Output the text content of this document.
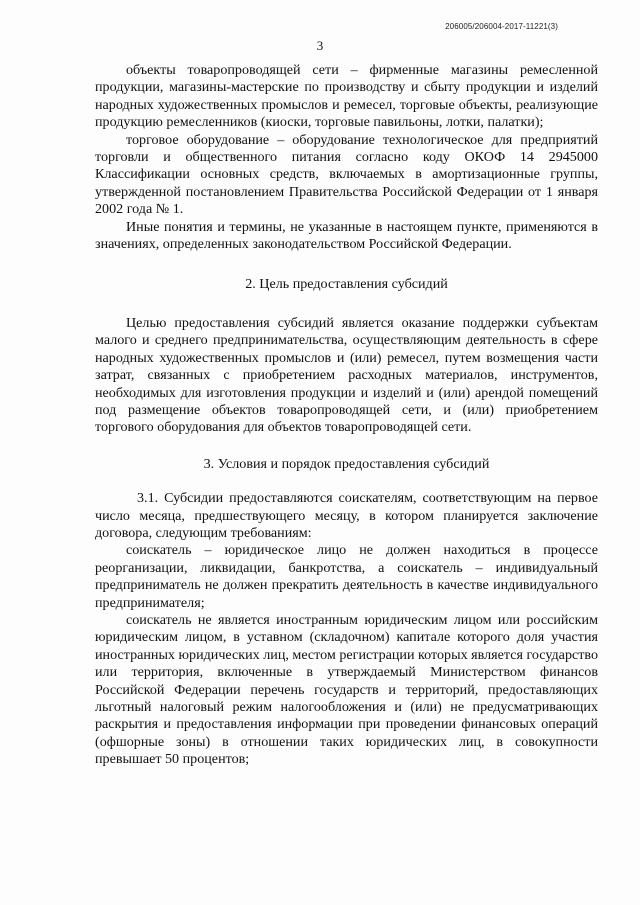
206005/206004-2017-11221(3)
3

объекты товаропроводящей сети – фирменные магазины ремесленной продукции, магазины-мастерские по производству и сбыту продукции и изделий народных художественных промыслов и ремесел, торговые объекты, реализующие продукцию ремесленников (киоски, торговые павильоны, лотки, палатки);

торговое оборудование – оборудование технологическое для предприятий торговли и общественного питания согласно коду ОКОФ 14 2945000 Классификации основных средств, включаемых в амортизационные группы, утвержденной постановлением Правительства Российской Федерации от 1 января 2002 года № 1.

Иные понятия и термины, не указанные в настоящем пункте, применяются в значениях, определенных законодательством Российской Федерации.

2. Цель предоставления субсидий

Целью предоставления субсидий является оказание поддержки субъектам малого и среднего предпринимательства, осуществляющим деятельность в сфере народных художественных промыслов и (или) ремесел, путем возмещения части затрат, связанных с приобретением расходных материалов, инструментов, необходимых для изготовления продукции и изделий и (или) арендой помещений под размещение объектов товаропроводящей сети, и (или) приобретением торгового оборудования для объектов товаропроводящей сети.

3. Условия и порядок предоставления субсидий

3.1. Субсидии предоставляются соискателям, соответствующим на первое число месяца, предшествующего месяцу, в котором планируется заключение договора, следующим требованиям:

соискатель – юридическое лицо не должен находиться в процессе реорганизации, ликвидации, банкротства, а соискатель – индивидуальный предприниматель не должен прекратить деятельность в качестве индивидуального предпринимателя;

соискатель не является иностранным юридическим лицом или российским юридическим лицом, в уставном (складочном) капитале которого доля участия иностранных юридических лиц, местом регистрации которых является государство или территория, включенные в утверждаемый Министерством финансов Российской Федерации перечень государств и территорий, предоставляющих льготный налоговый режим налогообложения и (или) не предусматривающих раскрытия и предоставления информации при проведении финансовых операций (офшорные зоны) в отношении таких юридических лиц, в совокупности превышает 50 процентов;
